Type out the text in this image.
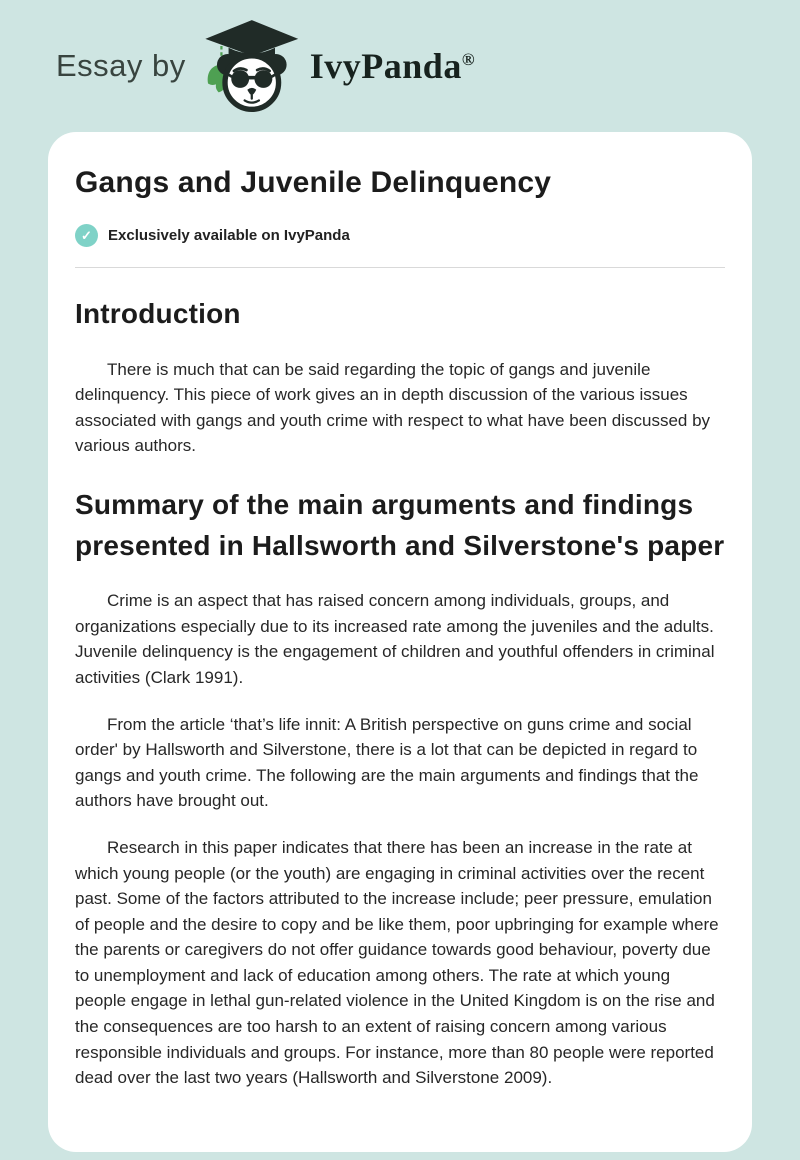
Essay by	IvyPanda®
Gangs and Juvenile Delinquency
✓	Exclusively available on IvyPanda
Introduction

There is much that can be said regarding the topic of gangs and juvenile delinquency. This piece of work gives an in depth discussion of the various issues associated with gangs and youth crime with respect to what have been discussed by various authors.

Summary of the main arguments and findings presented in Hallsworth and Silverstone's paper

Crime is an aspect that has raised concern among individuals, groups, and organizations especially due to its increased rate among the juveniles and the adults. Juvenile delinquency is the engagement of children and youthful offenders in criminal activities (Clark 1991).

From the article ‘that’s life innit: A British perspective on guns crime and social order' by Hallsworth and Silverstone, there is a lot that can be depicted in regard to gangs and youth crime. The following are the main arguments and findings that the authors have brought out.

Research in this paper indicates that there has been an increase in the rate at which young people (or the youth) are engaging in criminal activities over the recent past. Some of the factors attributed to the increase include; peer pressure, emulation of people and the desire to copy and be like them, poor upbringing for example where the parents or caregivers do not offer guidance towards good behaviour, poverty due to unemployment and lack of education among others. The rate at which young people engage in lethal gun-related violence in the United Kingdom is on the rise and the consequences are too harsh to an extent of raising concern among various responsible individuals and groups. For instance, more than 80 people were reported dead over the last two years (Hallsworth and Silverstone 2009).
